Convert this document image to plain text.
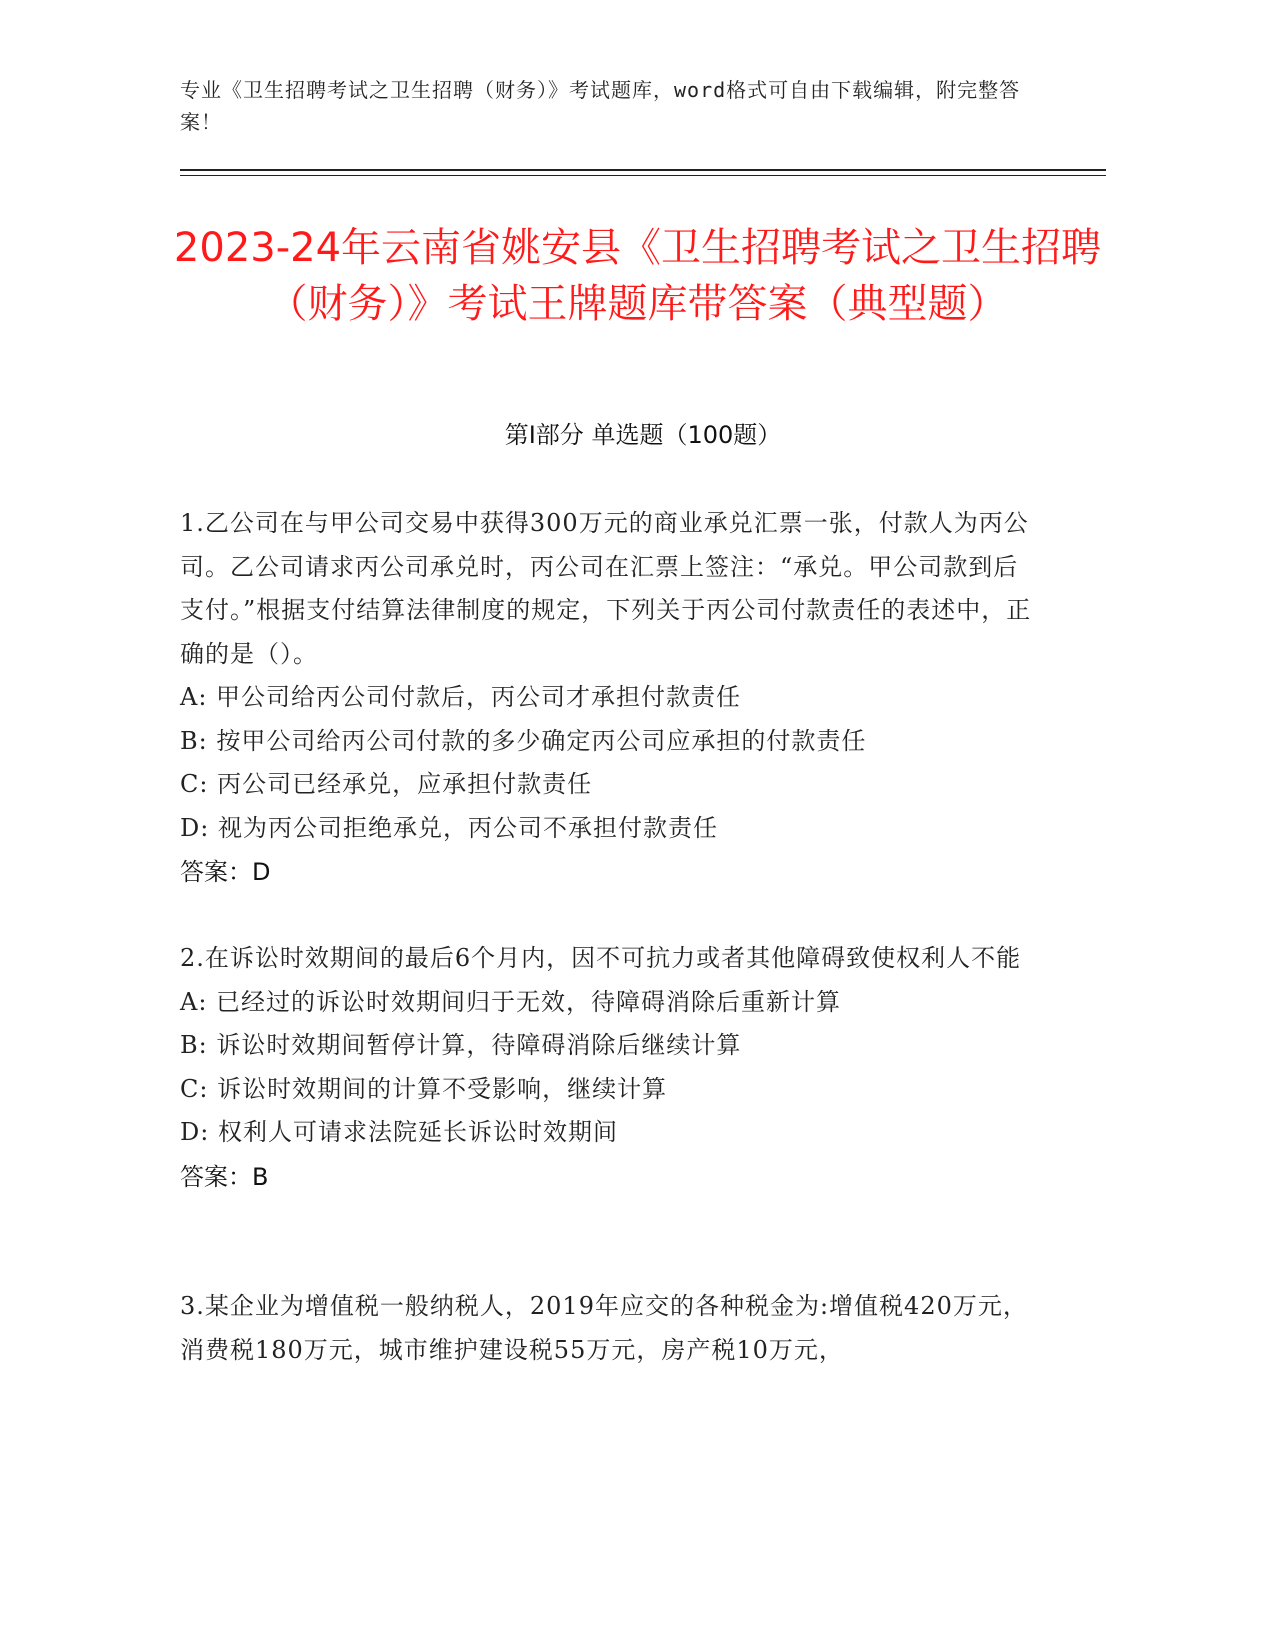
专业《卫生招聘考试之卫生招聘（财务）》考试题库，word格式可自由下载编辑，附完整答案！
2023-24年云南省姚安县《卫生招聘考试之卫生招聘（财务）》考试王牌题库带答案（典型题）
第I部分 单选题（100题）
1.乙公司在与甲公司交易中获得300万元的商业承兑汇票一张，付款人为丙公司。乙公司请求丙公司承兑时，丙公司在汇票上签注：“承兑。甲公司款到后支付。”根据支付结算法律制度的规定，下列关于丙公司付款责任的表述中，正确的是（）。
A: 甲公司给丙公司付款后，丙公司才承担付款责任
B: 按甲公司给丙公司付款的多少确定丙公司应承担的付款责任
C: 丙公司已经承兑，应承担付款责任
D: 视为丙公司拒绝承兑，丙公司不承担付款责任
答案：D
2.在诉讼时效期间的最后6个月内，因不可抗力或者其他障碍致使权利人不能
A: 已经过的诉讼时效期间归于无效，待障碍消除后重新计算
B: 诉讼时效期间暂停计算，待障碍消除后继续计算
C: 诉讼时效期间的计算不受影响，继续计算
D: 权利人可请求法院延长诉讼时效期间
答案：B
3.某企业为增值税一般纳税人，2019年应交的各种税金为:增值税420万元，消费税180万元，城市维护建设税55万元，房产税10万元，
